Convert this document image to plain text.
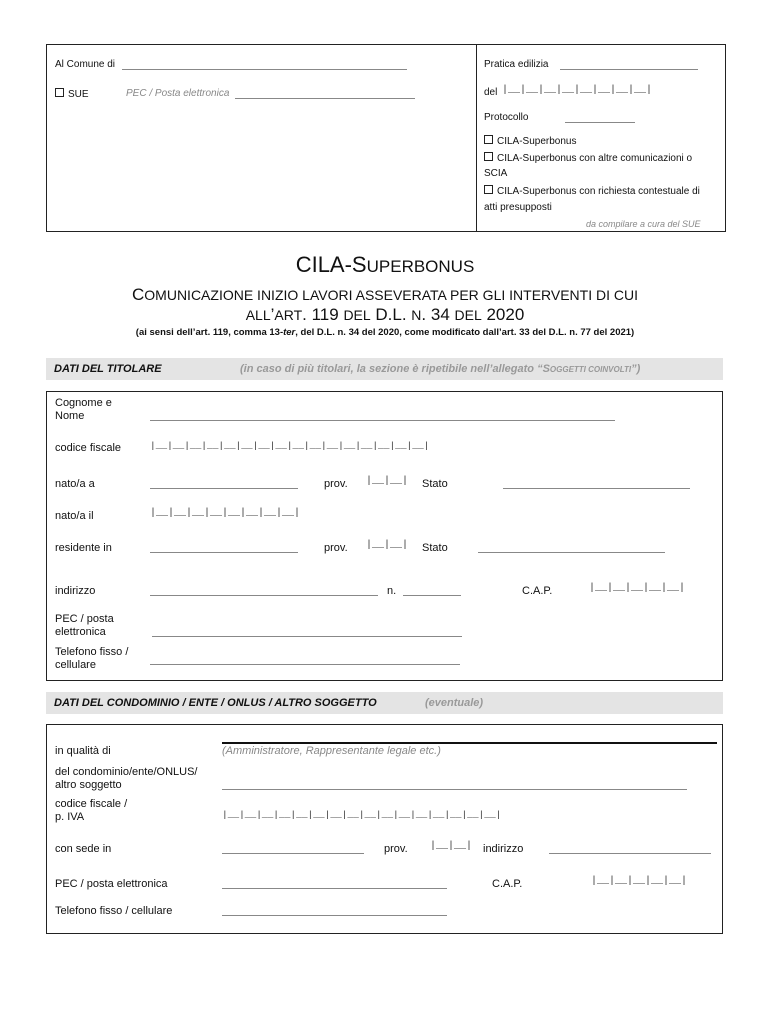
Al Comune di
SUE	PEC / Posta elettronica
Pratica edilizia
del |__|__|__|__|__|__|__|__|
Protocollo
CILA-Superbonus
CILA-Superbonus con altre comunicazioni o
SCIA
CILA-Superbonus con richiesta contestuale di
atti presupposti
da compilare a cura del SUE
CILA-SUPERBONUS
COMUNICAZIONE INIZIO LAVORI ASSEVERATA PER GLI INTERVENTI DI CUI
ALL’ART. 119 DEL D.L. N. 34 DEL 2020
(ai sensi dell’art. 119, comma 13-ter, del D.L. n. 34 del 2020, come modificato dall’art. 33 del D.L. n. 77 del 2021)
DATI DEL TITOLARE	(in caso di più titolari, la sezione è ripetibile nell’allegato “SOGGETTI COINVOLTI”)
Cognome e
Nome
codice fiscale	|__|__|__|__|__|__|__|__|__|__|__|__|__|__|__|__|
nato/a a	prov. |__|__| Stato
nato/a il	|__|__|__|__|__|__|__|__|
residente in	prov. |__|__| Stato
indirizzo	n.	C.A.P.	|__|__|__|__|__|
PEC / posta
elettronica
Telefono fisso /
cellulare
DATI DEL CONDOMINIO / ENTE / ONLUS / ALTRO SOGGETTO	(eventuale)
in qualità di	(Amministratore, Rappresentante legale etc.)
del condominio/ente/ONLUS/
altro soggetto
codice fiscale /
p. IVA	|__|__|__|__|__|__|__|__|__|__|__|__|__|__|__|__|
con sede in	prov. |__|__| indirizzo
PEC / posta elettronica	C.A.P.	|__|__|__|__|__|
Telefono fisso / cellulare
